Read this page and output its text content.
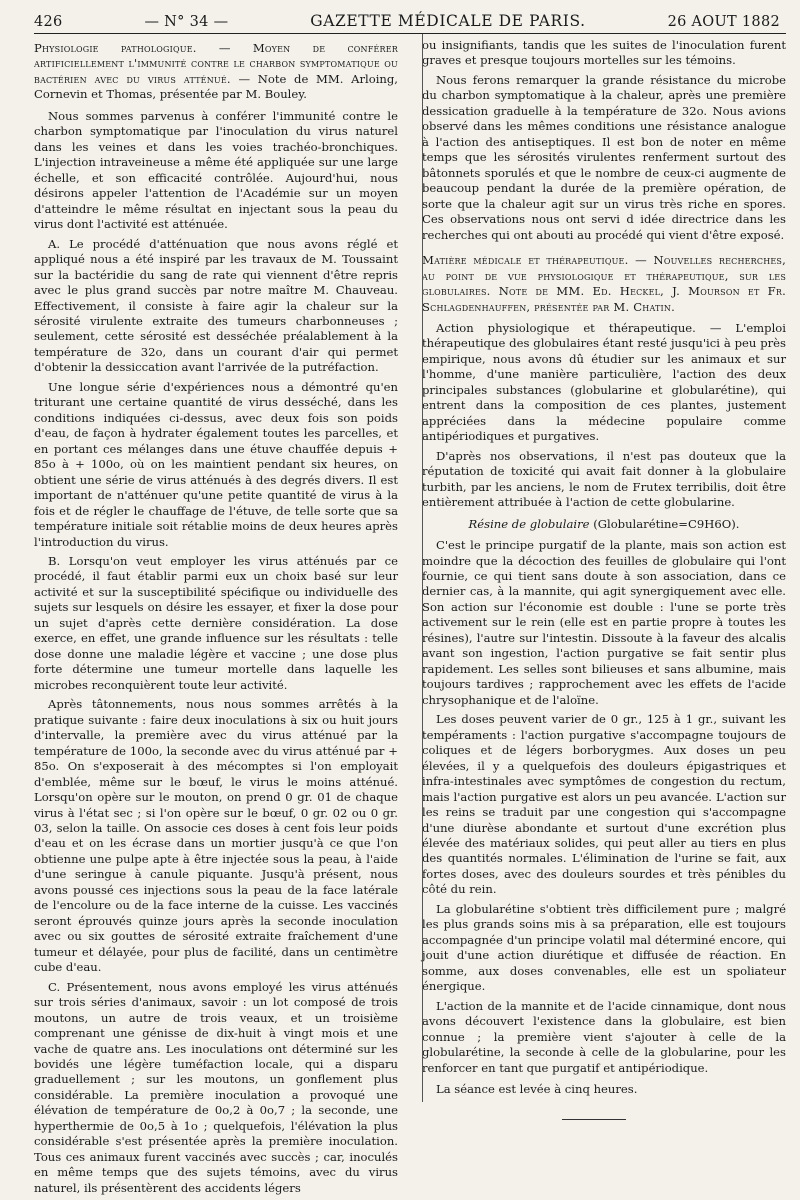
426	— N° 34 —	GAZETTE MÉDICALE DE PARIS.	26 AOUT 1882

Physiologie pathologique. — Moyen de conférer artificiellement l'immunité contre le charbon symptomatique ou bactérien avec du virus atténué. — Note de MM. Arloing, Cornevin et Thomas, présentée par M. Bouley.

Nous sommes parvenus à conférer l'immunité contre le charbon symptomatique par l'inoculation du virus naturel dans les veines et dans les voies trachéo-bronchiques. L'injection intraveineuse a même été appliquée sur une large échelle, et son efficacité contrôlée. Aujourd'hui, nous désirons appeler l'attention de l'Académie sur un moyen d'atteindre le même résultat en injectant sous la peau du virus dont l'activité est atténuée.

A. Le procédé d'atténuation que nous avons réglé et appliqué nous a été inspiré par les travaux de M. Toussaint sur la bactéridie du sang de rate qui viennent d'être repris avec le plus grand succès par notre maître M. Chauveau. Effectivement, il consiste à faire agir la chaleur sur la sérosité virulente extraite des tumeurs charbonneuses ; seulement, cette sérosité est desséchée préalablement à la température de 32o, dans un courant d'air qui permet d'obtenir la dessiccation avant l'arrivée de la putréfaction.

Une longue série d'expériences nous a démontré qu'en triturant une certaine quantité de virus desséché, dans les conditions indiquées ci-dessus, avec deux fois son poids d'eau, de façon à hydrater également toutes les parcelles, et en portant ces mélanges dans une étuve chauffée depuis + 85o à + 100o, où on les maintient pendant six heures, on obtient une série de virus atténués à des degrés divers. Il est important de n'atténuer qu'une petite quantité de virus à la fois et de régler le chauffage de l'étuve, de telle sorte que sa température initiale soit rétablie moins de deux heures après l'introduction du virus.

B. Lorsqu'on veut employer les virus atténués par ce procédé, il faut établir parmi eux un choix basé sur leur activité et sur la susceptibilité spécifique ou individuelle des sujets sur lesquels on désire les essayer, et fixer la dose pour un sujet d'après cette dernière considération. La dose exerce, en effet, une grande influence sur les résultats : telle dose donne une maladie légère et vaccine ; une dose plus forte détermine une tumeur mortelle dans laquelle les microbes reconquièrent toute leur activité.

Après tâtonnements, nous nous sommes arrêtés à la pratique suivante : faire deux inoculations à six ou huit jours d'intervalle, la première avec du virus atténué par la température de 100o, la seconde avec du virus atténué par + 85o. On s'exposerait à des mécomptes si l'on employait d'emblée, même sur le bœuf, le virus le moins atténué. Lorsqu'on opère sur le mouton, on prend 0 gr. 01 de chaque virus à l'état sec ; si l'on opère sur le bœuf, 0 gr. 02 ou 0 gr. 03, selon la taille. On associe ces doses à cent fois leur poids d'eau et on les écrase dans un mortier jusqu'à ce que l'on obtienne une pulpe apte à être injectée sous la peau, à l'aide d'une seringue à canule piquante. Jusqu'à présent, nous avons poussé ces injections sous la peau de la face latérale de l'encolure ou de la face interne de la cuisse. Les vaccinés seront éprouvés quinze jours après la seconde inoculation avec ou six gouttes de sérosité extraite fraîchement d'une tumeur et délayée, pour plus de facilité, dans un centimètre cube d'eau.

C. Présentement, nous avons employé les virus atténués sur trois séries d'animaux, savoir : un lot composé de trois moutons, un autre de trois veaux, et un troisième comprenant une génisse de dix-huit à vingt mois et une vache de quatre ans. Les inoculations ont déterminé sur les bovidés une légère tuméfaction locale, qui a disparu graduellement ; sur les moutons, un gonflement plus considérable. La première inoculation a provoqué une élévation de température de 0o,2 à 0o,7 ; la seconde, une hyperthermie de 0o,5 à 1o ; quelquefois, l'élévation la plus considérable s'est présentée après la première inoculation. Tous ces animaux furent vaccinés avec succès ; car, inoculés en même temps que des sujets témoins, avec du virus naturel, ils présentèrent des accidents légers

ou insignifiants, tandis que les suites de l'inoculation furent graves et presque toujours mortelles sur les témoins.

Nous ferons remarquer la grande résistance du microbe du charbon symptomatique à la chaleur, après une première dessication graduelle à la température de 32o. Nous avions observé dans les mêmes conditions une résistance analogue à l'action des antiseptiques. Il est bon de noter en même temps que les sérosités virulentes renferment surtout des bâtonnets sporulés et que le nombre de ceux-ci augmente de beaucoup pendant la durée de la première opération, de sorte que la chaleur agit sur un virus très riche en spores. Ces observations nous ont servi d idée directrice dans les recherches qui ont abouti au procédé qui vient d'être exposé.

Matière médicale et thérapeutique. — Nouvelles recherches, au point de vue physiologique et thérapeutique, sur les globulaires. Note de MM. Ed. Heckel, J. Mourson et Fr. Schlagdenhauffen, présentée par M. Chatin.

Action physiologique et thérapeutique. — L'emploi thérapeutique des globulaires étant resté jusqu'ici à peu près empirique, nous avons dû étudier sur les animaux et sur l'homme, d'une manière particulière, l'action des deux principales substances (globularine et globularétine), qui entrent dans la composition de ces plantes, justement appréciées dans la médecine populaire comme antipériodiques et purgatives.

D'après nos observations, il n'est pas douteux que la réputation de toxicité qui avait fait donner à la globulaire turbith, par les anciens, le nom de Frutex terribilis, doit être entièrement attribuée à l'action de cette globularine.

Résine de globulaire (Globularétine=C9H6O).

C'est le principe purgatif de la plante, mais son action est moindre que la décoction des feuilles de globulaire qui l'ont fournie, ce qui tient sans doute à son association, dans ce dernier cas, à la mannite, qui agit synergiquement avec elle. Son action sur l'économie est double : l'une se porte très activement sur le rein (elle est en partie propre à toutes les résines), l'autre sur l'intestin. Dissoute à la faveur des alcalis avant son ingestion, l'action purgative se fait sentir plus rapidement. Les selles sont bilieuses et sans albumine, mais toujours tardives ; rapprochement avec les effets de l'acide chrysophanique et de l'aloïne.

Les doses peuvent varier de 0 gr., 125 à 1 gr., suivant les tempéraments : l'action purgative s'accompagne toujours de coliques et de légers borborygmes. Aux doses un peu élevées, il y a quelquefois des douleurs épigastriques et infra-intestinales avec symptômes de congestion du rectum, mais l'action purgative est alors un peu avancée. L'action sur les reins se traduit par une congestion qui s'accompagne d'une diurèse abondante et surtout d'une excrétion plus élevée des matériaux solides, qui peut aller au tiers en plus des quantités normales. L'élimination de l'urine se fait, aux fortes doses, avec des douleurs sourdes et très pénibles du côté du rein.

La globularétine s'obtient très difficilement pure ; malgré les plus grands soins mis à sa préparation, elle est toujours accompagnée d'un principe volatil mal déterminé encore, qui jouit d'une action diurétique et diffusée de réaction. En somme, aux doses convenables, elle est un spoliateur énergique.

L'action de la mannite et de l'acide cinnamique, dont nous avons découvert l'existence dans la globulaire, est bien connue ; la première vient s'ajouter à celle de la globularétine, la seconde à celle de la globularine, pour les renforcer en tant que purgatif et antipériodique.

La séance est levée à cinq heures.
